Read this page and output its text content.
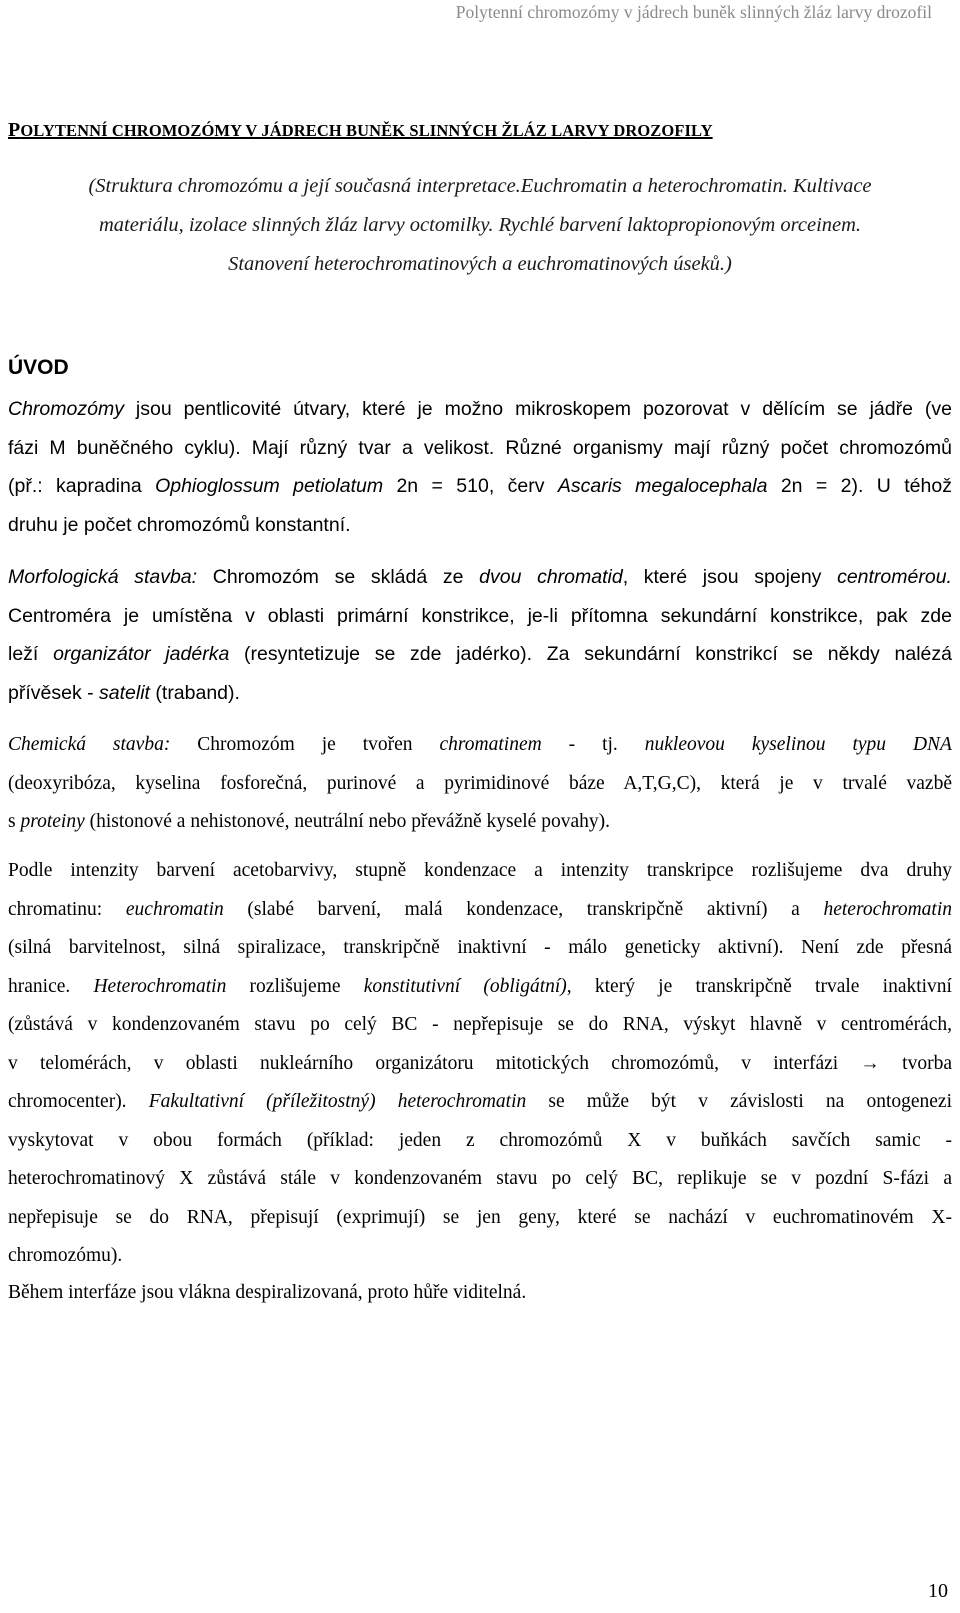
Polytenní chromozómy v jádrech buněk slinných žláz larvy drozofil
POLYTENNÍ CHROMOZÓMY V JÁDRECH BUNĚK SLINNÝCH ŽLÁZ LARVY DROZOFILY
(Struktura chromozómu a její současná interpretace.Euchromatin a heterochromatin. Kultivace
materiálu, izolace slinných žláz larvy octomilky. Rychlé barvení laktopropionovým orceinem.
Stanovení heterochromatinových a euchromatinových úseků.)
ÚVOD
Chromozómy jsou pentlicovité útvary, které je možno mikroskopem pozorovat v dělícím se jádře (ve
fázi M buněčného cyklu). Mají různý tvar a velikost. Různé organismy mají různý počet chromozómů
(př.: kapradina Ophioglossum petiolatum 2n = 510, červ Ascaris megalocephala 2n = 2). U téhož
druhu je počet chromozómů konstantní.
Morfologická stavba: Chromozóm se skládá ze dvou chromatid, které jsou spojeny centromérou.
Centroméra je umístěna v oblasti primární konstrikce, je-li přítomna sekundární konstrikce, pak zde
leží organizátor jadérka (resyntetizuje se zde jadérko). Za sekundární konstrikcí se někdy nalézá
přívěsek - satelit (traband).
Chemická stavba: Chromozóm je tvořen chromatinem - tj. nukleovou kyselinou typu DNA
(deoxyribóza, kyselina fosforečná, purinové a pyrimidinové báze A,T,G,C), která je v trvalé vazbě
s proteiny (histonové a nehistonové, neutrální nebo převážně kyselé povahy).
Podle intenzity barvení acetobarvivy, stupně kondenzace a intenzity transkripce rozlišujeme dva druhy
chromatinu: euchromatin (slabé barvení, malá kondenzace, transkripčně aktivní) a heterochromatin
(silná barvitelnost, silná spiralizace, transkripčně inaktivní - málo geneticky aktivní). Není zde přesná
hranice. Heterochromatin rozlišujeme konstitutivní (obligátní), který je transkripčně trvale inaktivní
(zůstává v kondenzovaném stavu po celý BC - nepřepisuje se do RNA, výskyt hlavně v centromérách,
v telomérách, v oblasti nukleárního organizátoru mitotických chromozómů, v interfázi → tvorba
chromocenter). Fakultativní (příležitostný) heterochromatin se může být v závislosti na ontogenezi
vyskytovat v obou formách (příklad: jeden z chromozómů X v buňkách savčích samic -
heterochromatinový X zůstává stále v kondenzovaném stavu po celý BC, replikuje se v pozdní S-fázi a
nepřepisuje se do RNA, přepisují (exprimují) se jen geny, které se nachází v euchromatinovém X-
chromozómu).
Během interfáze jsou vlákna despiralizovaná, proto hůře viditelná.
10
